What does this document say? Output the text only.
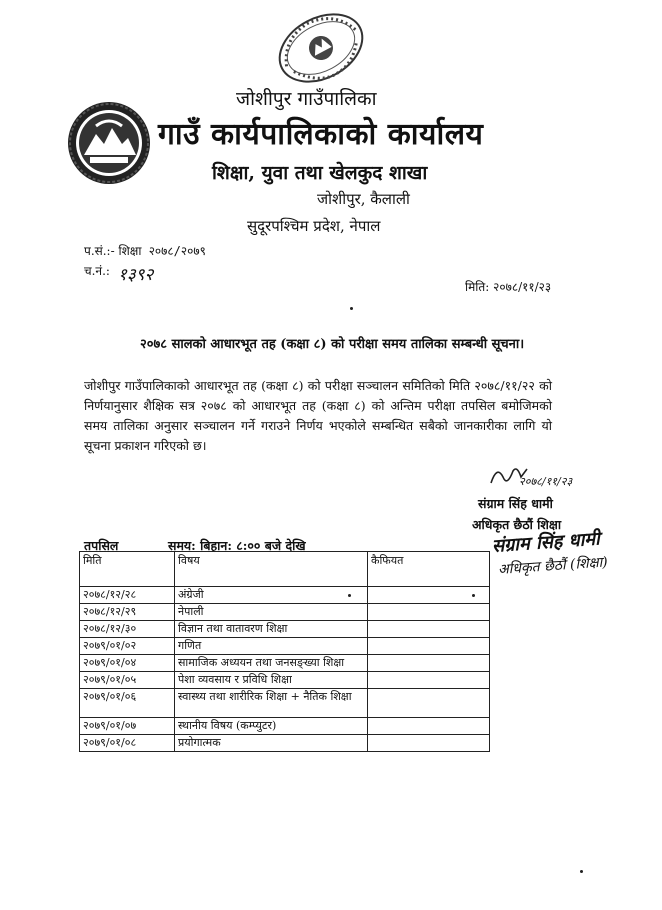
जोशीपुर गाउँपालिका
गाउँ कार्यपालिकाको कार्यालय
शिक्षा, युवा तथा खेलकुद शाखा
जोशीपुर, कैलाली
सुदूरपश्चिम प्रदेश, नेपाल
प.सं.:- शिक्षा २०७८/२०७९
च.नं.: १३९२
मिति: २०७८/११/२३
२०७८ सालको आधारभूत तह (कक्षा ८) को परीक्षा समय तालिका सम्बन्धी सूचना।
जोशीपुर गाउँपालिकाको आधारभूत तह (कक्षा ८) को परीक्षा सञ्चालन समितिको मिति २०७८/११/२२ को निर्णयानुसार शैक्षिक सत्र २०७८ को आधारभूत तह (कक्षा ८) को अन्तिम परीक्षा तपसिल बमोजिमको समय तालिका अनुसार सञ्चालन गर्ने गराउने निर्णय भएकोले सम्बन्धित सबैको जानकारीका लागि यो सूचना प्रकाशन गरिएको छ।
२०७८/११/२३
संग्राम सिंह धामी
अधिकृत छैठौं शिक्षा
संग्राम सिंह धामी
अधिकृत छैठौं (शिक्षा)
तपसिल	समय: बिहान: ८:०० बजे देखि
मिति	विषय	कैफियत
२०७८/१२/२८	अंग्रेजी	
२०७८/१२/२९	नेपाली	
२०७८/१२/३०	विज्ञान तथा वातावरण शिक्षा	
२०७९/०१/०२	गणित	
२०७९/०१/०४	सामाजिक अध्ययन तथा जनसङ्ख्या शिक्षा	
२०७९/०१/०५	पेशा व्यवसाय र प्रविधि शिक्षा	
२०७९/०१/०६	स्वास्थ्य तथा शारीरिक शिक्षा + नैतिक शिक्षा	
२०७९/०१/०७	स्थानीय विषय (कम्प्युटर)	
२०७९/०१/०८	प्रयोगात्मक	
